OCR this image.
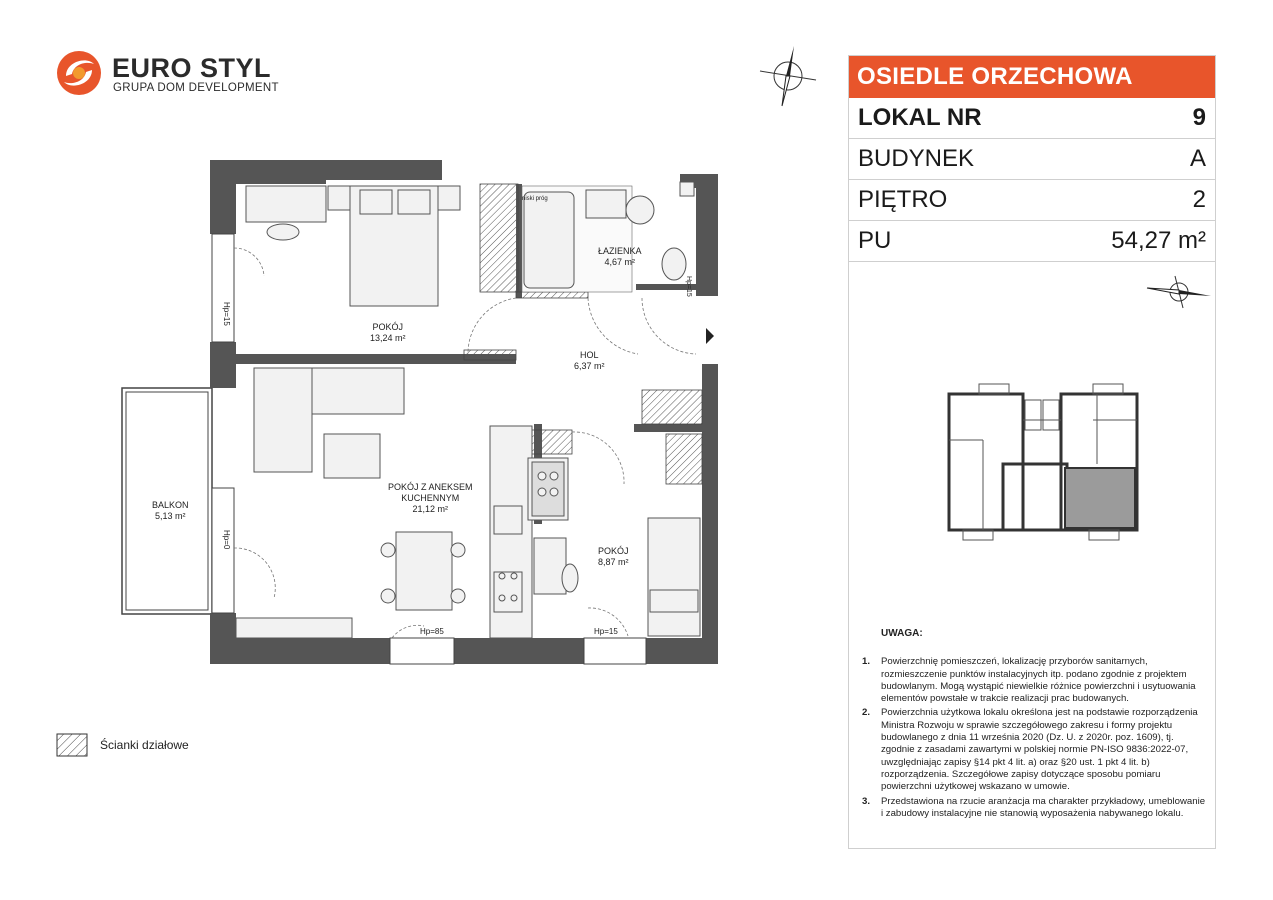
EURO STYL
GRUPA DOM DEVELOPMENT	OSIEDLE ORZECHOWA
LOKAL NR	9
BUDYNEK	A
PIĘTRO	2
PU	54,27 m²
UWAGA:
1. Powierzchnię pomieszczeń, lokalizację przyborów sanitarnych, rozmieszczenie punktów instalacyjnych itp. podano zgodnie z projektem budowlanym. Mogą wystąpić niewielkie różnice powierzchni i usytuowania elementów powstałe w trakcie realizacji prac budowanych.
2. Powierzchnia użytkowa lokalu określona jest na podstawie rozporządzenia Ministra Rozwoju w sprawie szczegółowego zakresu i formy projektu budowlanego z dnia 11 września 2020 (Dz. U. z 2020r. poz. 1609), tj. zgodnie z zasadami zawartymi w polskiej normie PN-ISO 9836:2022-07, uwzględniając zapisy §14 pkt 4 lit. a) oraz §20 ust. 1 pkt 4 lit. b) rozporządzenia. Szczegółowe zapisy dotyczące sposobu pomiaru powierzchni użytkowej wskazano w umowie.
3. Przedstawiona na rzucie aranżacja ma charakter przykładowy, umeblowanie i zabudowy instalacyjne nie stanowią wyposażenia nabywanego lokalu.
POKÓJ
13,24 m²
ŁAZIENKA
4,67 m²
HOL
6,37 m²
POKÓJ Z ANEKSEM
KUCHENNYM
21,12 m²
POKÓJ
8,87 m²
BALKON
5,13 m²
Hp=15
Hp=0
Hp=85	Hp=15
Hp=15
niski próg
Ścianki działowe
